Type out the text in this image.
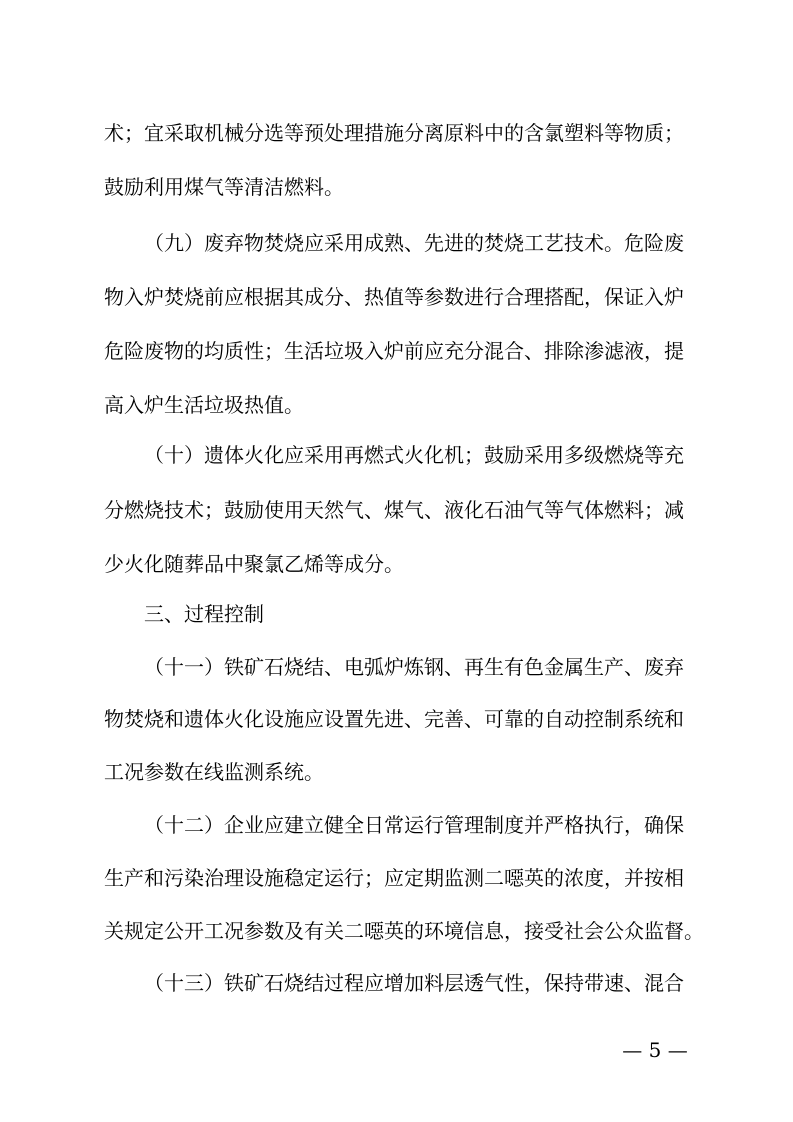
术；宜采取机械分选等预处理措施分离原料中的含氯塑料等物质；
鼓励利用煤气等清洁燃料。
（九）废弃物焚烧应采用成熟、先进的焚烧工艺技术。危险废
物入炉焚烧前应根据其成分、热值等参数进行合理搭配，保证入炉
危险废物的均质性；生活垃圾入炉前应充分混合、排除渗滤液，提
高入炉生活垃圾热值。
（十）遗体火化应采用再燃式火化机；鼓励采用多级燃烧等充
分燃烧技术；鼓励使用天然气、煤气、液化石油气等气体燃料；减
少火化随葬品中聚氯乙烯等成分。
三、过程控制
（十一）铁矿石烧结、电弧炉炼钢、再生有色金属生产、废弃
物焚烧和遗体火化设施应设置先进、完善、可靠的自动控制系统和
工况参数在线监测系统。
（十二）企业应建立健全日常运行管理制度并严格执行，确保
生产和污染治理设施稳定运行；应定期监测二噁英的浓度，并按相
关规定公开工况参数及有关二噁英的环境信息，接受社会公众监督。
（十三）铁矿石烧结过程应增加料层透气性，保持带速、混合
— 5 —
